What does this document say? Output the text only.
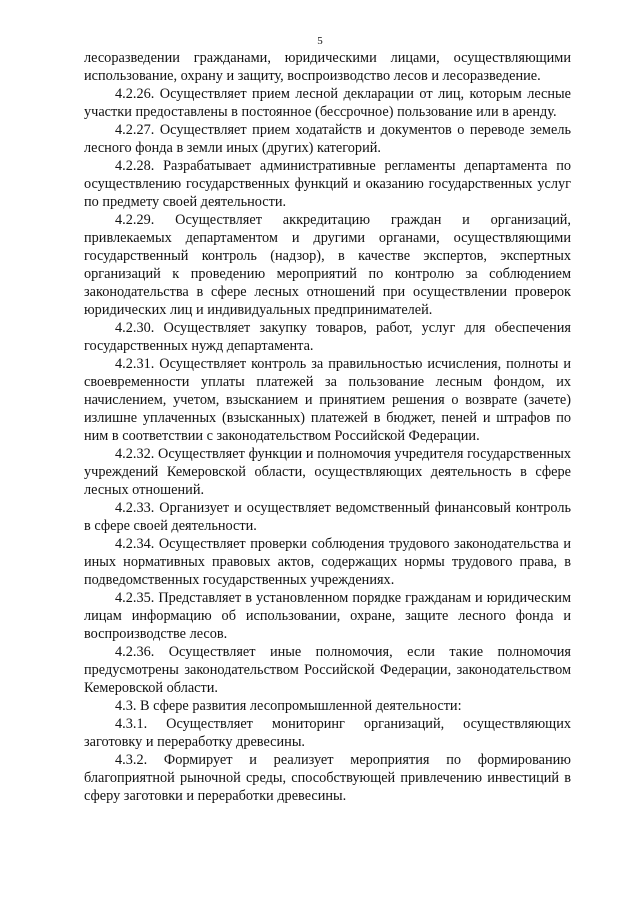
5

лесоразведении гражданами, юридическими лицами, осуществляющими использование, охрану и защиту, воспроизводство лесов и лесоразведение.

4.2.26. Осуществляет прием лесной декларации от лиц, которым лесные участки предоставлены в постоянное (бессрочное) пользование или в аренду.

4.2.27. Осуществляет прием ходатайств и документов о переводе земель лесного фонда в земли иных (других) категорий.

4.2.28. Разрабатывает административные регламенты департамента по осуществлению государственных функций и оказанию государственных услуг по предмету своей деятельности.

4.2.29. Осуществляет аккредитацию граждан и организаций, привлекаемых департаментом и другими органами, осуществляющими государственный контроль (надзор), в качестве экспертов, экспертных организаций к проведению мероприятий по контролю за соблюдением законодательства в сфере лесных отношений при осуществлении проверок юридических лиц и индивидуальных предпринимателей.

4.2.30. Осуществляет закупку товаров, работ, услуг для обеспечения государственных нужд департамента.

4.2.31. Осуществляет контроль за правильностью исчисления, полноты и своевременности уплаты платежей за пользование лесным фондом, их начислением, учетом, взысканием и принятием решения о возврате (зачете) излишне уплаченных (взысканных) платежей в бюджет, пеней и штрафов по ним в соответствии с законодательством Российской Федерации.

4.2.32. Осуществляет функции и полномочия учредителя государственных учреждений Кемеровской области, осуществляющих деятельность в сфере лесных отношений.

4.2.33. Организует и осуществляет ведомственный финансовый контроль в сфере своей деятельности.

4.2.34. Осуществляет проверки соблюдения трудового законодательства и иных нормативных правовых актов, содержащих нормы трудового права, в подведомственных государственных учреждениях.

4.2.35. Представляет в установленном порядке гражданам и юридическим лицам информацию об использовании, охране, защите лесного фонда и воспроизводстве лесов.

4.2.36. Осуществляет иные полномочия, если такие полномочия предусмотрены законодательством Российской Федерации, законодательством Кемеровской области.

4.3. В сфере развития лесопромышленной деятельности:

4.3.1. Осуществляет мониторинг организаций, осуществляющих заготовку и переработку древесины.

4.3.2. Формирует и реализует мероприятия по формированию благоприятной рыночной среды, способствующей привлечению инвестиций в сферу заготовки и переработки древесины.
